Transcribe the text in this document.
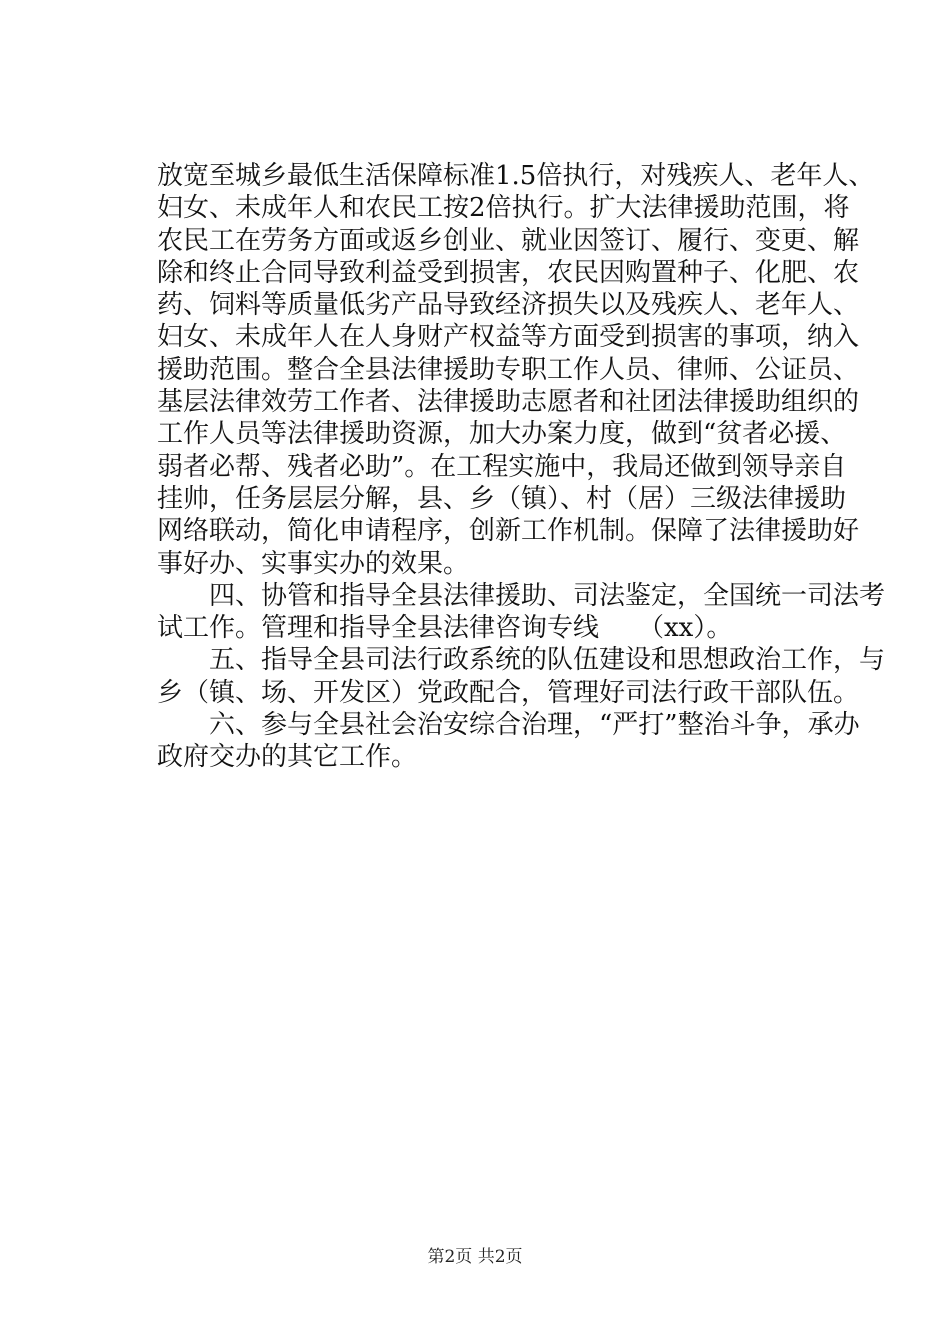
放宽至城乡最低生活保障标准1.5倍执行，对残疾人、老年人、
妇女、未成年人和农民工按2倍执行。扩大法律援助范围，将
农民工在劳务方面或返乡创业、就业因签订、履行、变更、解
除和终止合同导致利益受到损害，农民因购置种子、化肥、农
药、饲料等质量低劣产品导致经济损失以及残疾人、老年人、
妇女、未成年人在人身财产权益等方面受到损害的事项，纳入
援助范围。整合全县法律援助专职工作人员、律师、公证员、
基层法律效劳工作者、法律援助志愿者和社团法律援助组织的
工作人员等法律援助资源，加大办案力度，做到“贫者必援、
弱者必帮、残者必助”。在工程实施中，我局还做到领导亲自
挂帅，任务层层分解，县、乡（镇）、村（居）三级法律援助
网络联动，简化申请程序，创新工作机制。保障了法律援助好
事好办、实事实办的效果。
四、协管和指导全县法律援助、司法鉴定，全国统一司法考
试工作。管理和指导全县法律咨询专线　　（xx）。
五、指导全县司法行政系统的队伍建设和思想政治工作，与
乡（镇、场、开发区）党政配合，管理好司法行政干部队伍。
六、参与全县社会治安综合治理，“严打”整治斗争，承办
政府交办的其它工作。
第2页 共2页
